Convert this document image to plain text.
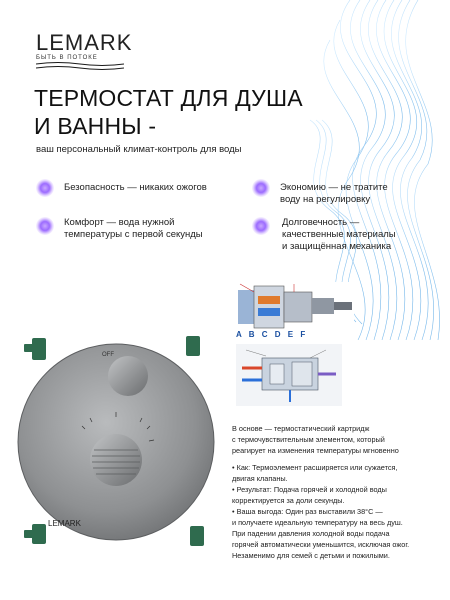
LEMARK
БЫТЬ В ПОТОКЕ
ТЕРМОСТАТ ДЛЯ ДУША
И ВАННЫ -
ваш персональный климат-контроль для воды
Безопасность — никаких ожогов	Экономию — не тратите
воду на регулировку
Комфорт — вода нужной
температуры с первой секунды
Долговечность —
качественные материалы
и защищённая механика
OFF
LEMARK
A B C D E F

В основе — термостатический картридж

с термочувствительным элементом, который

реагирует на изменения температуры мгновенно

• Как: Термоэлемент расширяется или сужается,

двигая клапаны.

• Результат: Подача горячей и холодной воды

корректируется за доли секунды.

• Ваша выгода: Один раз выставили 38°C —

и получаете идеальную температуру на весь душ.

При падении давления холодной воды подача

горячей автоматически уменьшится, исключая ожог.

Незаменимо для семей с детьми и пожилыми.
